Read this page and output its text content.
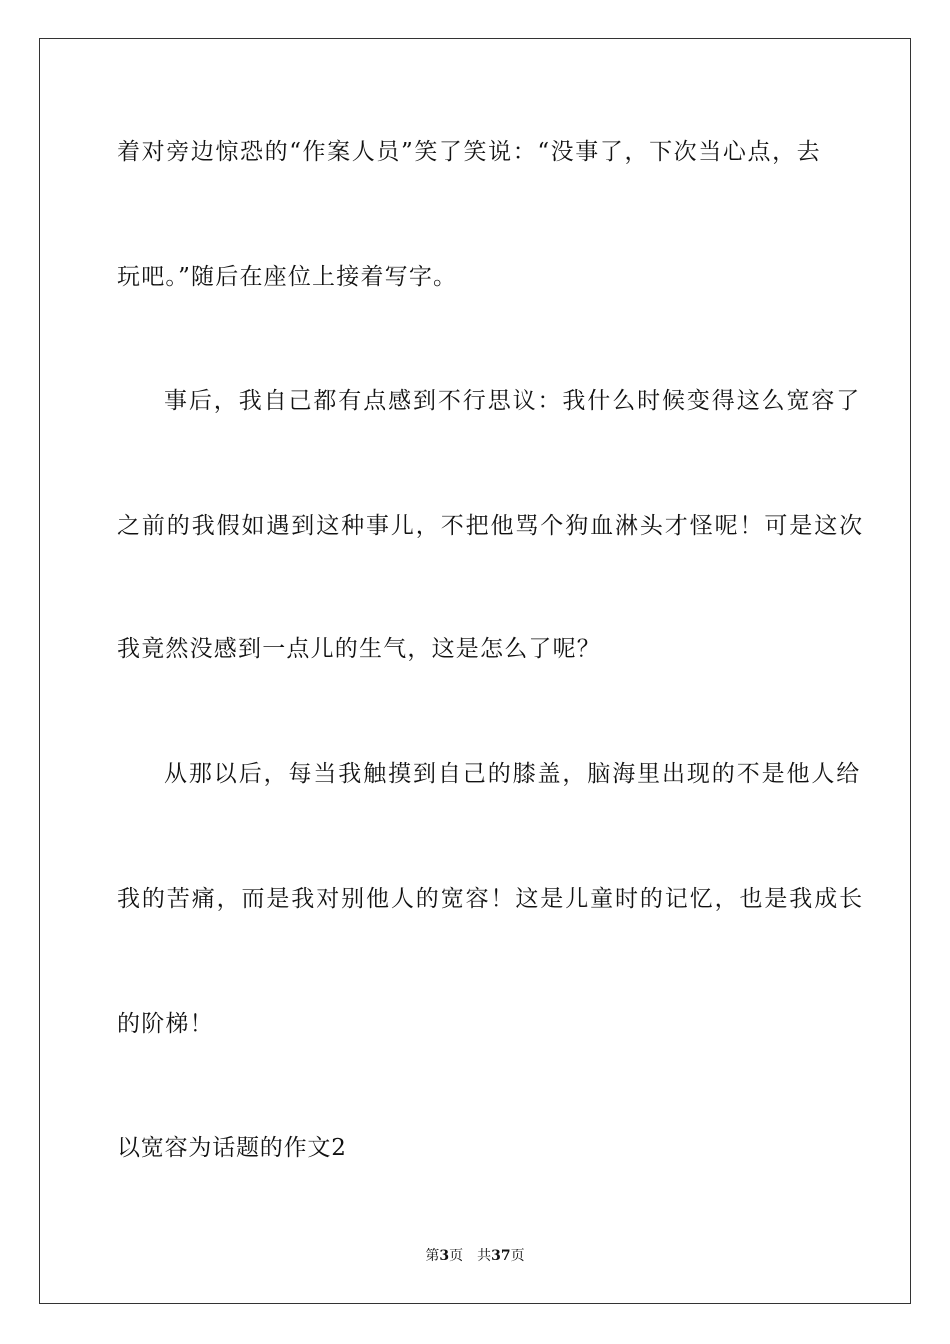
着对旁边惊恐的“作案人员”笑了笑说：“没事了，下次当心点，去
玩吧。”随后在座位上接着写字。
事后，我自己都有点感到不行思议：我什么时候变得这么宽容了
之前的我假如遇到这种事儿，不把他骂个狗血淋头才怪呢！可是这次
我竟然没感到一点儿的生气，这是怎么了呢？
从那以后，每当我触摸到自己的膝盖，脑海里出现的不是他人给
我的苦痛，而是我对别他人的宽容！这是儿童时的记忆，也是我成长
的阶梯！
以宽容为话题的作文2
第3页 共37页
